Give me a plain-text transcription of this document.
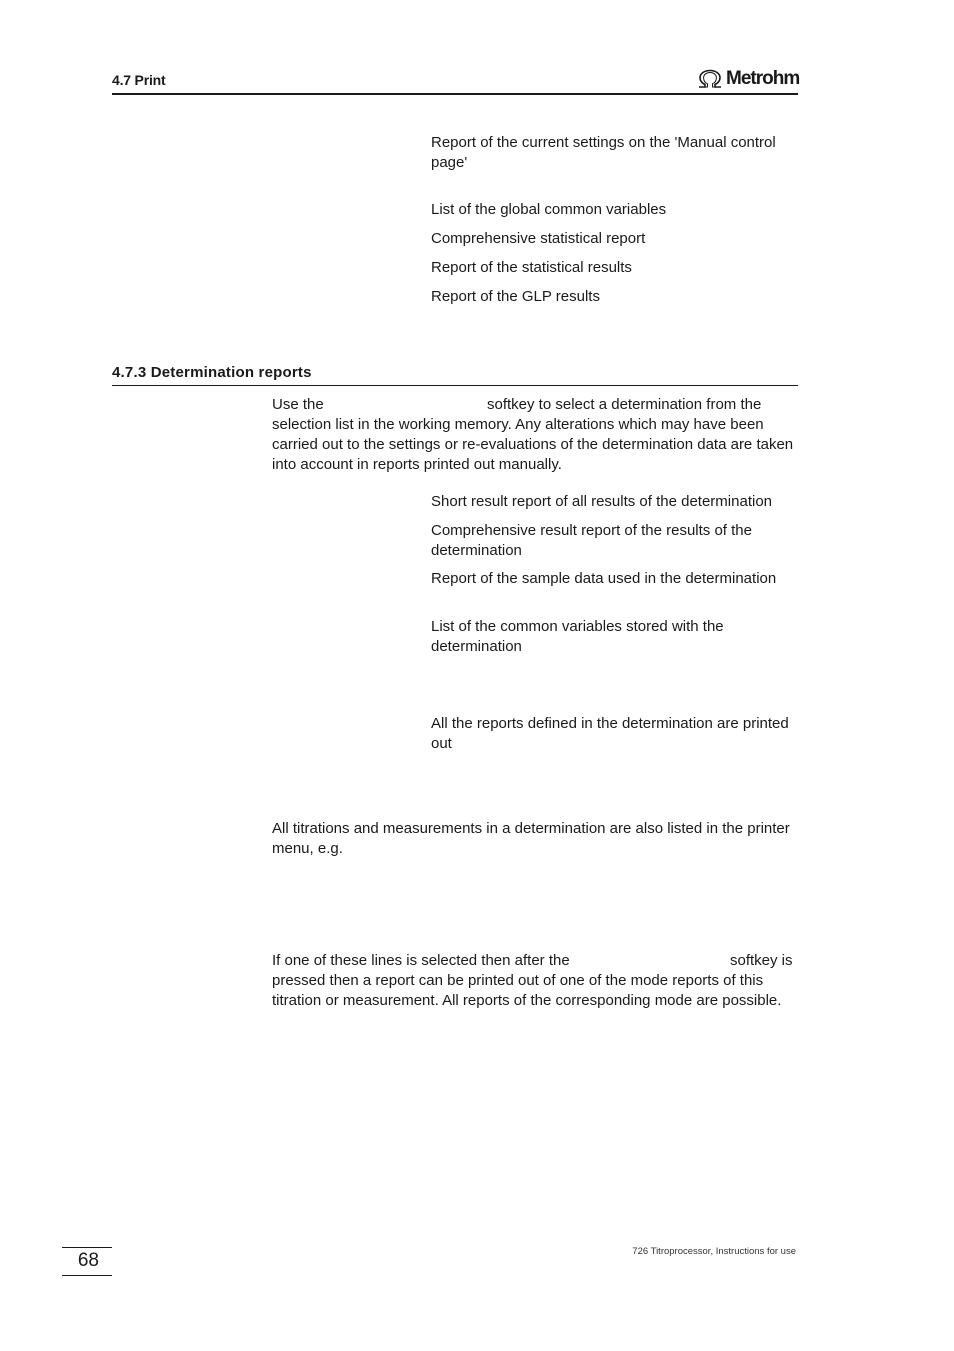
4.7 Print	Metrohm
Report of the current settings on the 'Manual control page'
List of the global common variables
Comprehensive statistical report
Report of the statistical results
Report of the GLP results
4.7.3 Determination reports
Use the	softkey to select a determination from the
selection list in the working memory. Any alterations which may have been carried out to the settings or re-evaluations of the determination data are taken into account in reports printed out manually.
Short result report of all results of the determination
Comprehensive result report of the results of the determination
Report of the sample data used in the determination
List of the common variables stored with the determination
All the reports defined in the determination are printed out
All titrations and measurements in a determination are also listed in the printer menu, e.g.
If one of these lines is selected then after the	softkey is
pressed then a report can be printed out of one of the mode reports of this titration or measurement. All reports of the corresponding mode are possible.
68	726 Titroprocessor, Instructions for use
